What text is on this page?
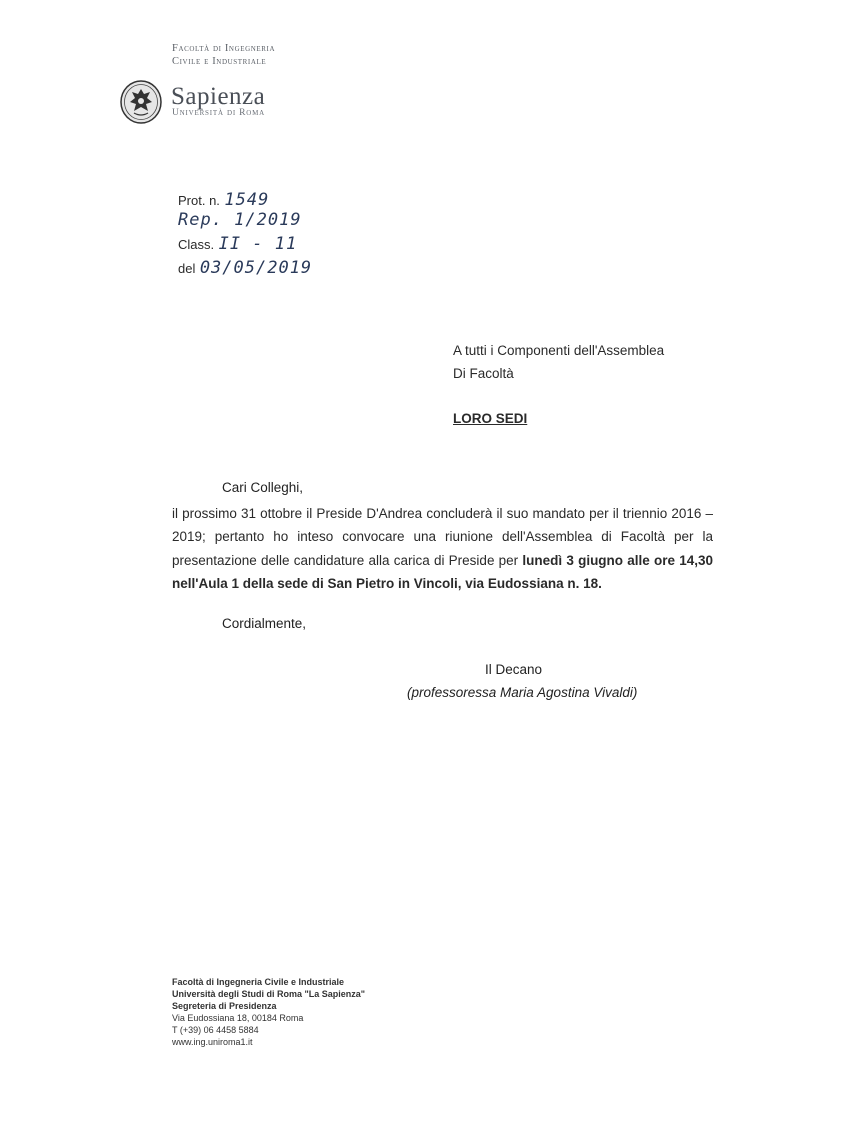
Facoltà di Ingegneria
Civile e Industriale
Sapienza
Università di Roma
Prot. n. 1549
Rep. 1/2019
Class. II - 11
del 03/05/2019
A tutti i Componenti dell'Assemblea
Di Facoltà
LORO SEDI
Cari Colleghi,
il prossimo 31 ottobre il Preside D'Andrea concluderà il suo mandato per il triennio 2016 – 2019; pertanto ho inteso convocare una riunione dell'Assemblea di Facoltà per la presentazione delle candidature alla carica di Preside per lunedì 3 giugno alle ore 14,30 nell'Aula 1 della sede di San Pietro in Vincoli, via Eudossiana n. 18.
Cordialmente,
Il Decano
(professoressa Maria Agostina Vivaldi)
Facoltà di Ingegneria Civile e Industriale
Università degli Studi di Roma "La Sapienza"
Segreteria di Presidenza
Via Eudossiana 18, 00184 Roma
T (+39) 06 4458 5884
www.ing.uniroma1.it
